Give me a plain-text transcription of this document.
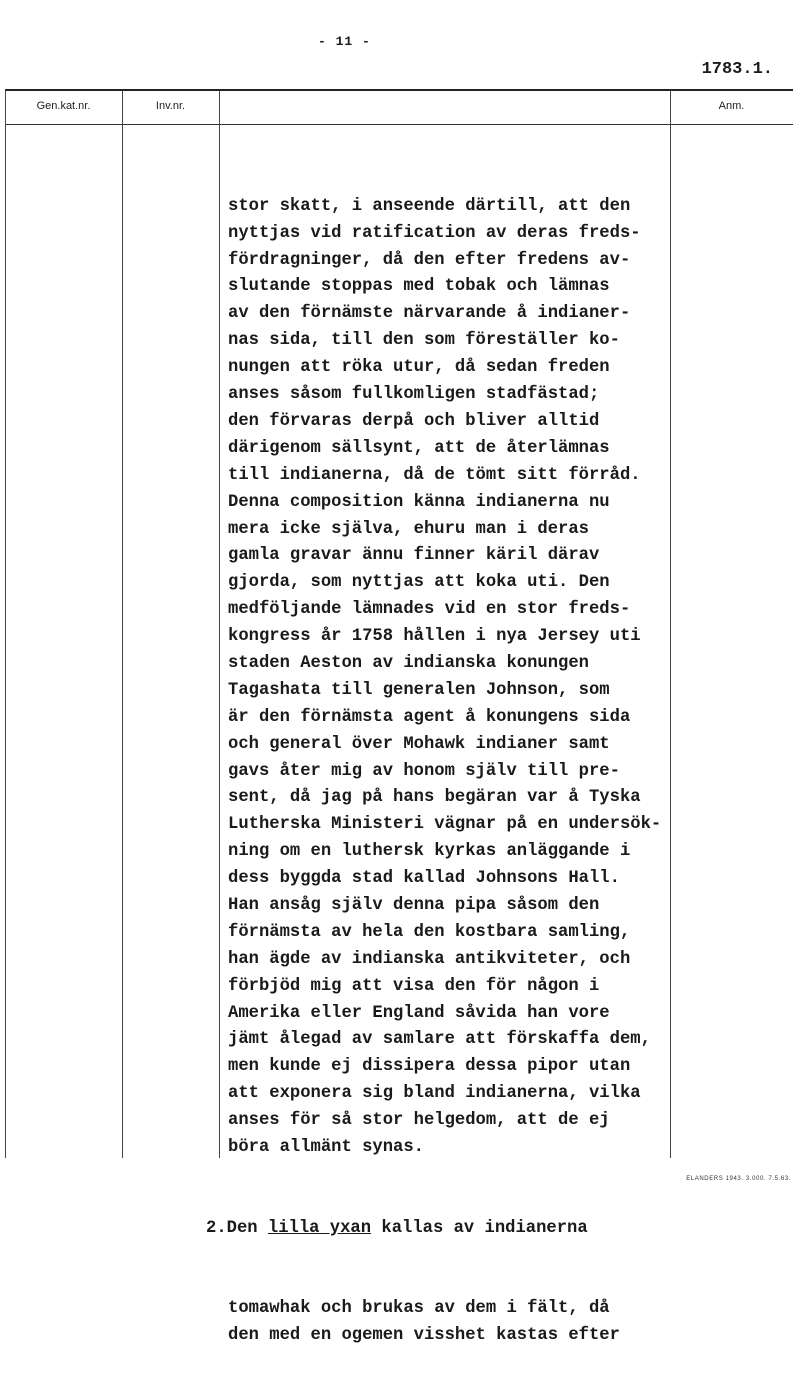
- 11 -
1783.1.
Gen.kat.nr.	Inv.nr.	Anm.

stor skatt, i anseende därtill, att den
nyttjas vid ratification av deras freds-
fördragninger, då den efter fredens av-
slutande stoppas med tobak och lämnas
av den förnämste närvarande å indianer-
nas sida, till den som föreställer ko-
nungen att röka utur, då sedan freden
anses såsom fullkomligen stadfästad;
den förvaras derpå och bliver alltid
därigenom sällsynt, att de återlämnas
till indianerna, då de tömt sitt förråd.
Denna composition känna indianerna nu
mera icke själva, ehuru man i deras
gamla gravar ännu finner käril därav
gjorda, som nyttjas att koka uti. Den
medföljande lämnades vid en stor freds-
kongress år 1758 hållen i nya Jersey uti
staden Aeston av indianska konungen
Tagashata till generalen Johnson, som
är den förnämsta agent å konungens sida
och general över Mohawk indianer samt
gavs åter mig av honom själv till pre-
sent, då jag på hans begäran var å Tyska
Lutherska Ministeri vägnar på en undersök-
ning om en luthersk kyrkas anläggande i
dess byggda stad kallad Johnsons Hall.
Han ansåg själv denna pipa såsom den
förnämsta av hela den kostbara samling,
han ägde av indianska antikviteter, och
förbjöd mig att visa den för någon i
Amerika eller England såvida han vore
jämt ålegad av samlare att förskaffa dem,
men kunde ej dissipera dessa pipor utan
att exponera sig bland indianerna, vilka
anses för så stor helgedom, att de ej
böra allmänt synas.

2.Den lilla yxan kallas av indianerna

tomawhak och brukas av dem i fält, då
den med en ogemen visshet kastas efter

ELANDERS 1943. 3.000. 7.5.63.
